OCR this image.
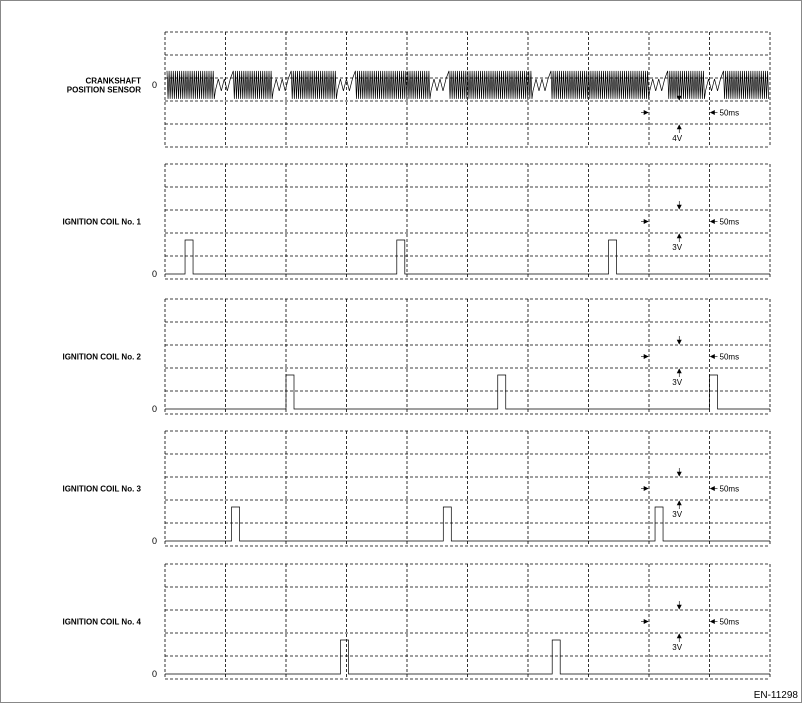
CRANKSHAFT
POSITION SENSOR 0
50ms
4V
IGNITION COIL No. 1
0
50ms
3V
IGNITION COIL No. 2
0
50ms
3V
IGNITION COIL No. 3
0
50ms
3V
IGNITION COIL No. 4
0
50ms
3V
EN-11298
